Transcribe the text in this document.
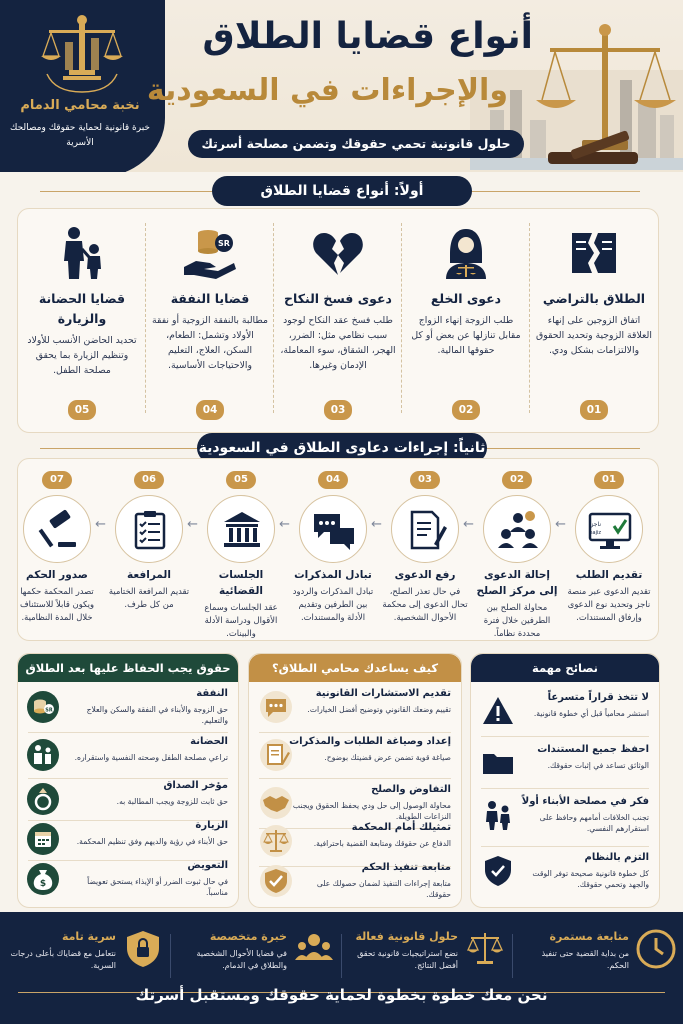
نخبة محامي الدمام
خبرة قانونية لحماية حقوقك ومصالحك الأسرية
أنواع قضايا الطلاق
والإجراءات في السعودية
حلول قانونية تحمي حقوقك وتضمن مصلحة أسرتك
أولاً: أنواع قضايا الطلاق
الطلاق بالتراضي
اتفاق الزوجين على إنهاء العلاقة الزوجية وتحديد الحقوق والالتزامات بشكل ودي.
01
دعوى الخلع
طلب الزوجة إنهاء الزواج مقابل تنازلها عن بعض أو كل حقوقها المالية.
02
دعوى فسخ النكاح
طلب فسخ عقد النكاح لوجود سبب نظامي مثل: الضرر، الهجر، الشقاق، سوء المعاملة، الإدمان وغيرها.
03
SR
قضايا النفقة
مطالبة بالنفقة الزوجية أو نفقة الأولاد وتشمل: الطعام، السكن، العلاج، التعليم والاحتياجات الأساسية.
04
قضايا الحضانة والزيارة
تحديد الحاضن الأنسب للأولاد وتنظيم الزيارة بما يحقق مصلحة الطفل.
05
ثانياً: إجراءات دعاوى الطلاق في السعودية
01
ناجز
najiz
تقديم الطلب
تقديم الدعوى عبر منصة ناجز وتحديد نوع الدعوى وإرفاق المستندات.
←
02
إحالة الدعوى إلى مركز الصلح
محاولة الصلح بين الطرفين خلال فترة محددة نظاماً.
←
03
رفع الدعوى
في حال تعذر الصلح، تحال الدعوى إلى محكمة الأحوال الشخصية.
←
04
تبادل المذكرات
تبادل المذكرات والردود بين الطرفين وتقديم الأدلة والمستندات.
←
05
الجلسات القضائية
عقد الجلسات وسماع الأقوال ودراسة الأدلة والبينات.
←
06
المرافعة
تقديم المرافعة الختامية من كل طرف.
←
07
صدور الحكم
تصدر المحكمة حكمها ويكون قابلاً للاستئناف خلال المدة النظامية.
نصائح مهمة
لا تتخذ قراراً متسرعاً
استشر محامياً قبل أي خطوة قانونية.
احفظ جميع المستندات
الوثائق تساعد في إثبات حقوقك.
فكر في مصلحة الأبناء أولاً
تجنب الخلافات أمامهم وحافظ على استقرارهم النفسي.
التزم بالنظام
كل خطوة قانونية صحيحة توفر الوقت والجهد وتحمي حقوقك.
كيف يساعدك محامي الطلاق؟
تقديم الاستشارات القانونية
تقييم وضعك القانوني وتوضيح أفضل الخيارات.
إعداد وصياغة الطلبات والمذكرات
صياغة قوية تضمن عرض قضيتك بوضوح.
التفاوض والصلح
محاولة الوصول إلى حل ودي يحفظ الحقوق ويجنب النزاعات الطويلة.
تمثيلك أمام المحكمة
الدفاع عن حقوقك ومتابعة القضية باحترافية.
متابعة تنفيذ الحكم
متابعة إجراءات التنفيذ لضمان حصولك على حقوقك.
حقوق يجب الحفاظ عليها بعد الطلاق
SR
النفقة
حق الزوجة والأبناء في النفقة والسكن والعلاج والتعليم.
الحضانة
تراعي مصلحة الطفل وصحته النفسية واستقراره.
مؤخر الصداق
حق ثابت للزوجة ويجب المطالبة به.
الزيارة
حق الأبناء في رؤية والديهم وفق تنظيم المحكمة.
$
التعويض
في حال ثبوت الضرر أو الإيذاء يستحق تعويضاً مناسباً.
متابعة مستمرة
من بداية القضية حتى تنفيذ الحكم.
حلول قانونية فعالة
نضع استراتيجيات قانونية تحقق أفضل النتائج.
خبرة متخصصة
في قضايا الأحوال الشخصية والطلاق في الدمام.
سرية تامة
نتعامل مع قضاياك بأعلى درجات السرية.
نحن معك خطوة بخطوة لحماية حقوقك ومستقبل أسرتك
